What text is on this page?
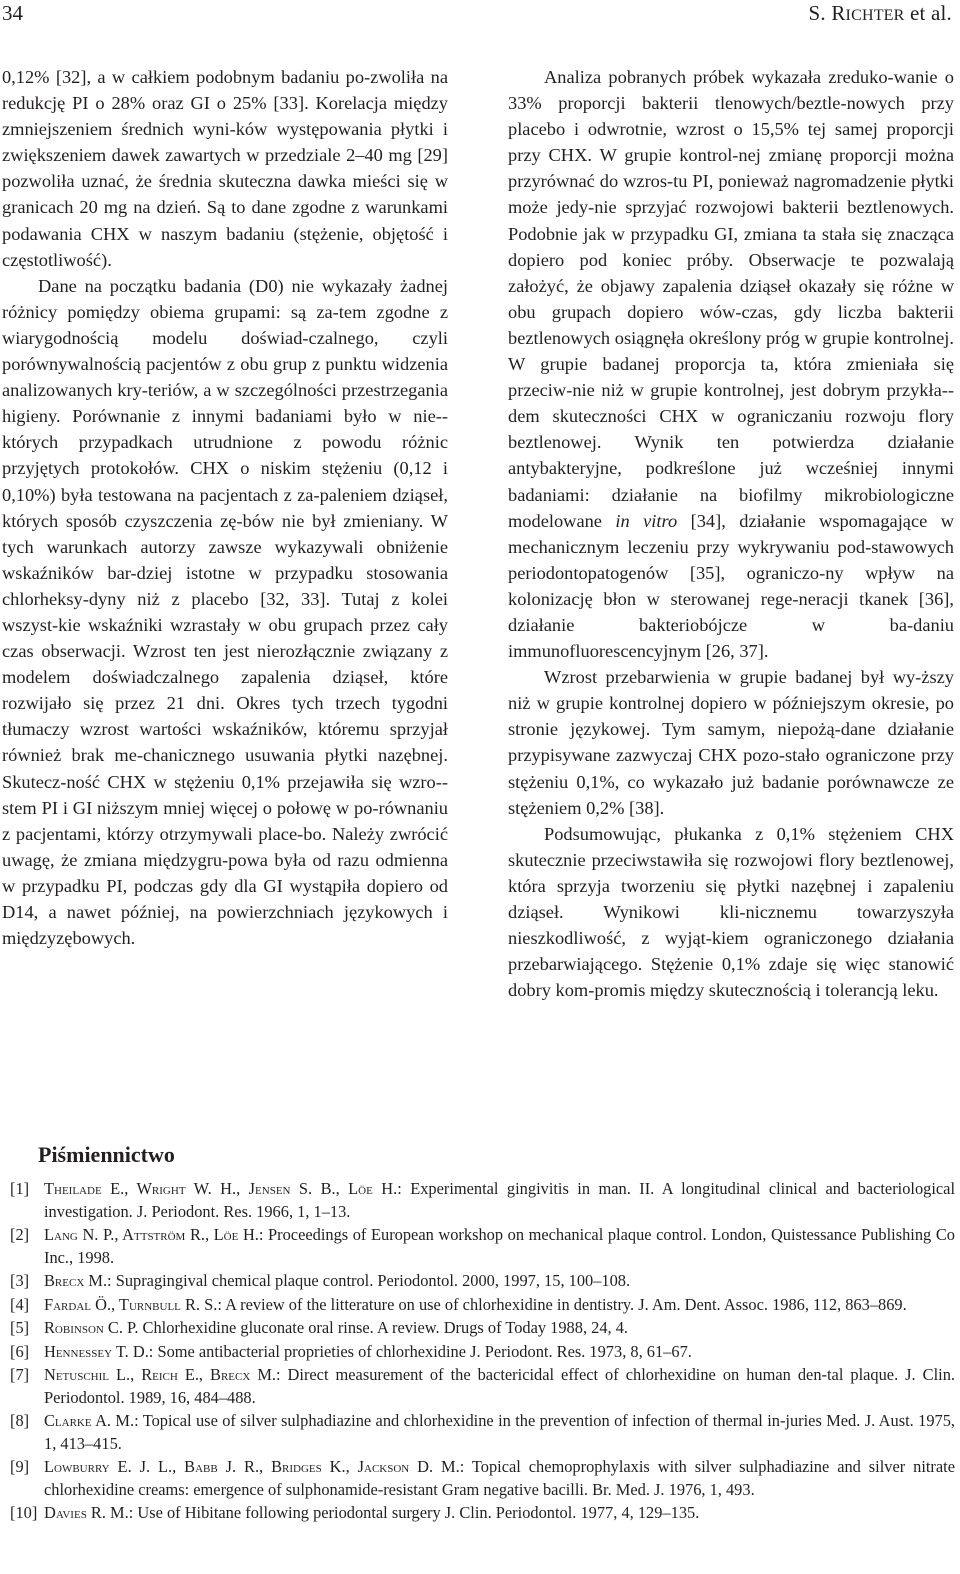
34	S. RICHTER et al.

0,12% [32], a w całkiem podobnym badaniu po-zwoliła na redukcję PI o 28% oraz GI o 25% [33]. Korelacja między zmniejszeniem średnich wyni-ków występowania płytki i zwiększeniem dawek zawartych w przedziale 2–40 mg [29] pozwoliła uznać, że średnia skuteczna dawka mieści się w granicach 20 mg na dzień. Są to dane zgodne z warunkami podawania CHX w naszym badaniu (stężenie, objętość i częstotliwość).

Dane na początku badania (D0) nie wykazały żadnej różnicy pomiędzy obiema grupami: są za-tem zgodne z wiarygodnością modelu doświad-czalnego, czyli porównywalnością pacjentów z obu grup z punktu widzenia analizowanych kry-teriów, a w szczególności przestrzegania higieny. Porównanie z innymi badaniami było w nie-których przypadkach utrudnione z powodu różnic przyjętych protokołów. CHX o niskim stężeniu (0,12 i 0,10%) była testowana na pacjentach z za-paleniem dziąseł, których sposób czyszczenia zę-bów nie był zmieniany. W tych warunkach autorzy zawsze wykazywali obniżenie wskaźników bar-dziej istotne w przypadku stosowania chlorheksy-dyny niż z placebo [32, 33]. Tutaj z kolei wszyst-kie wskaźniki wzrastały w obu grupach przez cały czas obserwacji. Wzrost ten jest nierozłącznie związany z modelem doświadczalnego zapalenia dziąseł, które rozwijało się przez 21 dni. Okres tych trzech tygodni tłumaczy wzrost wartości wskaźników, któremu sprzyjał również brak me-chanicznego usuwania płytki nazębnej. Skutecz-ność CHX w stężeniu 0,1% przejawiła się wzro-stem PI i GI niższym mniej więcej o połowę w po-równaniu z pacjentami, którzy otrzymywali place-bo. Należy zwrócić uwagę, że zmiana międzygru-powa była od razu odmienna w przypadku PI, podczas gdy dla GI wystąpiła dopiero od D14, a nawet później, na powierzchniach językowych i międzyzębowych.

Analiza pobranych próbek wykazała zreduko-wanie o 33% proporcji bakterii tlenowych/beztle-nowych przy placebo i odwrotnie, wzrost o 15,5% tej samej proporcji przy CHX. W grupie kontrol-nej zmianę proporcji można przyrównać do wzros-tu PI, ponieważ nagromadzenie płytki może jedy-nie sprzyjać rozwojowi bakterii beztlenowych. Podobnie jak w przypadku GI, zmiana ta stała się znacząca dopiero pod koniec próby. Obserwacje te pozwalają założyć, że objawy zapalenia dziąseł okazały się różne w obu grupach dopiero wów-czas, gdy liczba bakterii beztlenowych osiągnęła określony próg w grupie kontrolnej. W grupie badanej proporcja ta, która zmieniała się przeciw-nie niż w grupie kontrolnej, jest dobrym przykła-dem skuteczności CHX w ograniczaniu rozwoju flory beztlenowej. Wynik ten potwierdza działanie antybakteryjne, podkreślone już wcześniej innymi badaniami: działanie na biofilmy mikrobiologiczne modelowane in vitro [34], działanie wspomagające w mechanicznym leczeniu przy wykrywaniu pod-stawowych periodontopatogenów [35], ograniczo-ny wpływ na kolonizację błon w sterowanej rege-neracji tkanek [36], działanie bakteriobójcze w ba-daniu immunofluorescencyjnym [26, 37].

Wzrost przebarwienia w grupie badanej był wy-ższy niż w grupie kontrolnej dopiero w późniejszym okresie, po stronie językowej. Tym samym, niepożą-dane działanie przypisywane zazwyczaj CHX pozo-stało ograniczone przy stężeniu 0,1%, co wykazało już badanie porównawcze ze stężeniem 0,2% [38].

Podsumowując, płukanka z 0,1% stężeniem CHX skutecznie przeciwstawiła się rozwojowi flory beztlenowej, która sprzyja tworzeniu się płytki nazębnej i zapaleniu dziąseł. Wynikowi kli-nicznemu towarzyszyła nieszkodliwość, z wyjąt-kiem ograniczonego działania przebarwiającego. Stężenie 0,1% zdaje się więc stanowić dobry kom-promis między skutecznością i tolerancją leku.

Piśmiennictwo
[1] Theilade E., Wright W. H., Jensen S. B., Löe H.: Experimental gingivitis in man. II. A longitudinal clinical and bacteriological investigation. J. Periodont. Res. 1966, 1, 1–13.
[2] Lang N. P., Attström R., Löe H.: Proceedings of European workshop on mechanical plaque control. London, Quistessance Publishing Co Inc., 1998.
[3] Brecx M.: Supragingival chemical plaque control. Periodontol. 2000, 1997, 15, 100–108.
[4] Fardal Ö., Turnbull R. S.: A review of the litterature on use of chlorhexidine in dentistry. J. Am. Dent. Assoc. 1986, 112, 863–869.
[5] Robinson C. P. Chlorhexidine gluconate oral rinse. A review. Drugs of Today 1988, 24, 4.
[6] Hennessey T. D.: Some antibacterial proprieties of chlorhexidine J. Periodont. Res. 1973, 8, 61–67.
[7] Netuschil L., Reich E., Brecx M.: Direct measurement of the bactericidal effect of chlorhexidine on human den-tal plaque. J. Clin. Periodontol. 1989, 16, 484–488.
[8] Clarke A. M.: Topical use of silver sulphadiazine and chlorhexidine in the prevention of infection of thermal in-juries Med. J. Aust. 1975, 1, 413–415.
[9] Lowburry E. J. L., Babb J. R., Bridges K., Jackson D. M.: Topical chemoprophylaxis with silver sulphadiazine and silver nitrate chlorhexidine creams: emergence of sulphonamide-resistant Gram negative bacilli. Br. Med. J. 1976, 1, 493.
[10] Davies R. M.: Use of Hibitane following periodontal surgery J. Clin. Periodontol. 1977, 4, 129–135.
